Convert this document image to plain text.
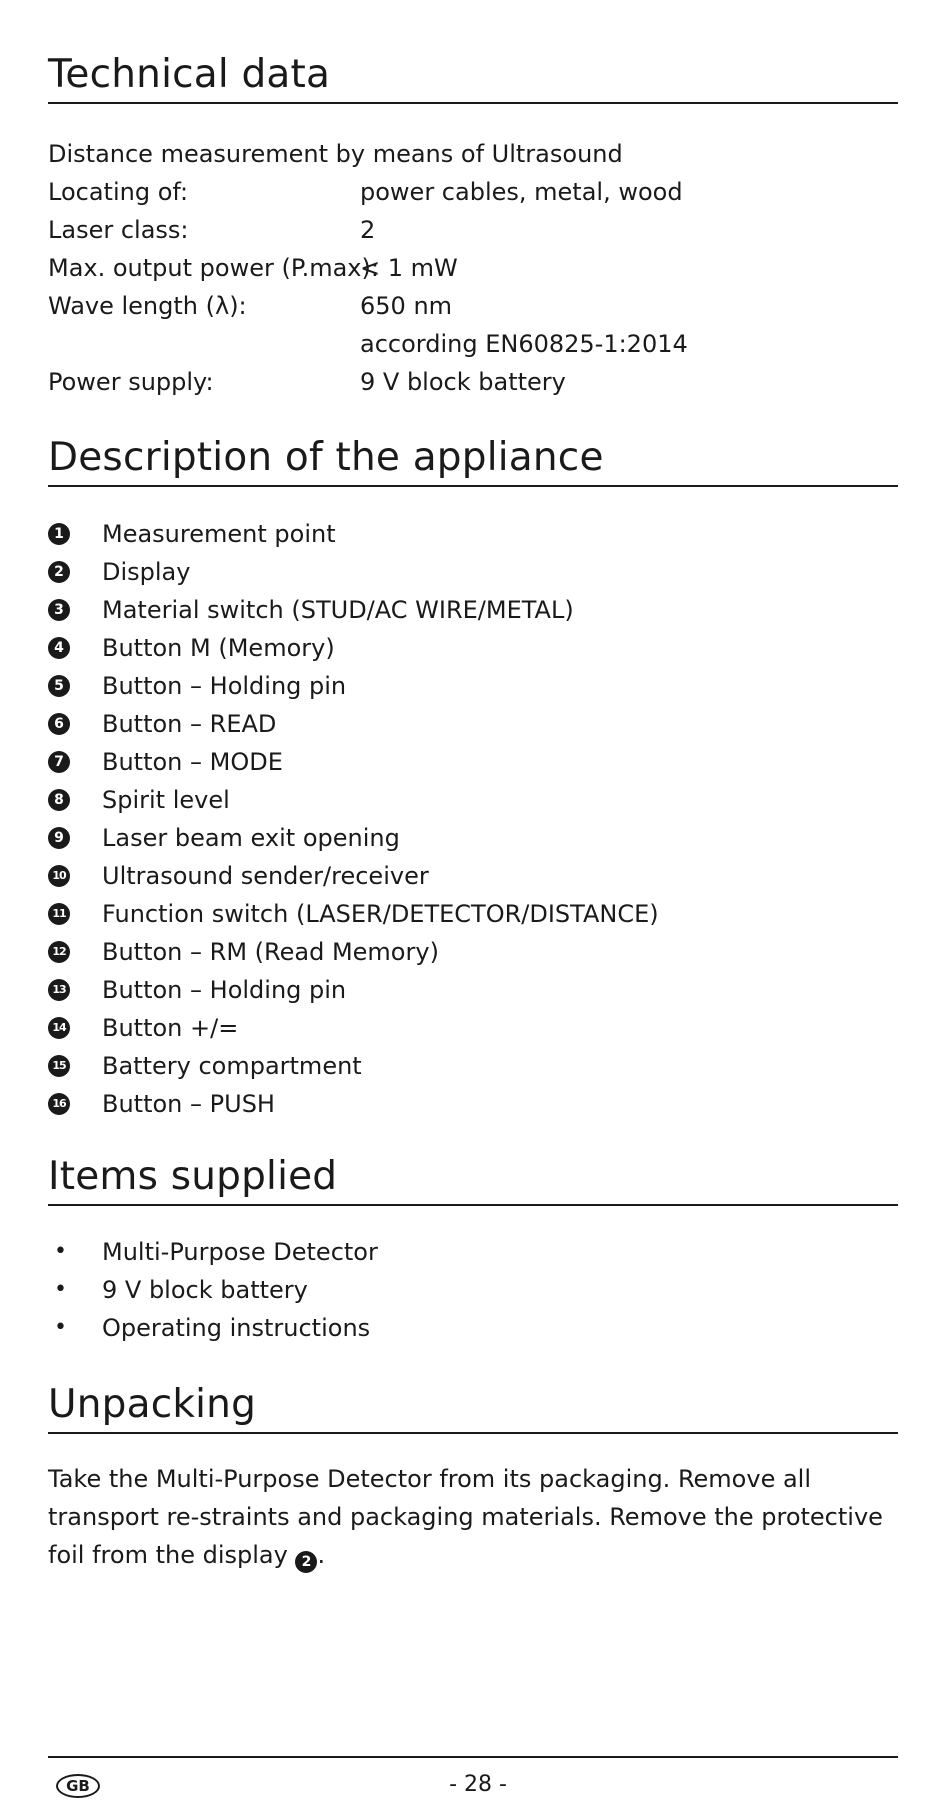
Technical data
Distance measurement by means of Ultrasound
Locating of:	power cables, metal, wood
Laser class:	2
Max. output power (P.max):
< 1 mW
Wave length (λ):	650 nm
according EN60825-1:2014
Power supply:	9 V block battery
Description of the appliance
1 Measurement point
2 Display
3 Material switch (STUD/AC WIRE/METAL)
4 Button M (Memory)
5 Button – Holding pin
6 Button – READ
7 Button – MODE
8 Spirit level
9 Laser beam exit opening
10 Ultrasound sender/receiver
11 Function switch (LASER/DETECTOR/DISTANCE)
12 Button – RM (Read Memory)
13 Button – Holding pin
14 Button +/=
15 Battery compartment
16 Button – PUSH
Items supplied
•	Multi-Purpose Detector
•	9 V block battery
•	Operating instructions
Unpacking

Take the Multi-Purpose Detector from its packaging. Remove all transport re-straints and packaging materials. Remove the protective foil from the display 2 .

GB	- 28 -
